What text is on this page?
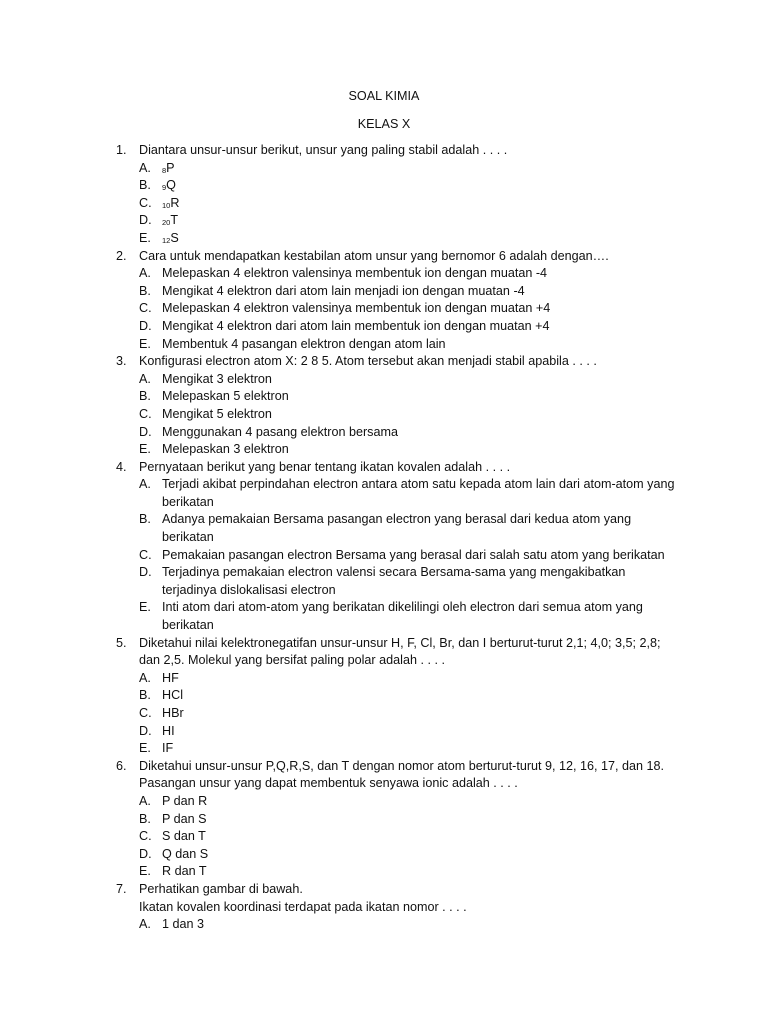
SOAL KIMIA
KELAS X
1. Diantara unsur-unsur berikut, unsur yang paling stabil adalah . . . .
A.	$_8$P
B.	$_9$Q
C.	$_{10}$R
D.	$_{20}$T
E.	$_{12}$S
2. Cara untuk mendapatkan kestabilan atom unsur yang bernomor 6 adalah dengan….
A. Melepaskan 4 elektron valensinya membentuk ion dengan muatan -4
B. Mengikat 4 elektron dari atom lain menjadi ion dengan muatan -4
C. Melepaskan 4 elektron valensinya membentuk ion dengan muatan +4
D. Mengikat 4 elektron dari atom lain membentuk ion dengan muatan +4
E. Membentuk 4 pasangan elektron dengan atom lain
3. Konfigurasi electron atom X: 2 8 5. Atom tersebut akan menjadi stabil apabila . . . .
A. Mengikat 3 elektron
B. Melepaskan 5 elektron
C. Mengikat 5 elektron
D. Menggunakan 4 pasang elektron bersama
E. Melepaskan 3 elektron
4. Pernyataan berikut yang benar tentang ikatan kovalen adalah . . . .
A. Terjadi akibat perpindahan electron antara atom satu kepada atom lain dari atom-atom yang berikatan
B. Adanya pemakaian Bersama pasangan electron yang berasal dari kedua atom yang berikatan
C. Pemakaian pasangan electron Bersama yang berasal dari salah satu atom yang berikatan
D. Terjadinya pemakaian electron valensi secara Bersama-sama yang mengakibatkan terjadinya dislokalisasi electron
E. Inti atom dari atom-atom yang berikatan dikelilingi oleh electron dari semua atom yang berikatan
5. Diketahui nilai kelektronegatifan unsur-unsur H, F, Cl, Br, dan I berturut-turut 2,1; 4,0; 3,5; 2,8; dan 2,5. Molekul yang bersifat paling polar adalah . . . .
A. HF
B. HCl
C. HBr
D. HI
E. IF
6. Diketahui unsur-unsur P,Q,R,S, dan T dengan nomor atom berturut-turut 9, 12, 16, 17, dan 18. Pasangan unsur yang dapat membentuk senyawa ionic adalah . . . .
A. P dan R
B. P dan S
C. S dan T
D. Q dan S
E. R dan T
7. Perhatikan gambar di bawah.
Ikatan kovalen koordinasi terdapat pada ikatan nomor . . . .
A. 1 dan 3
